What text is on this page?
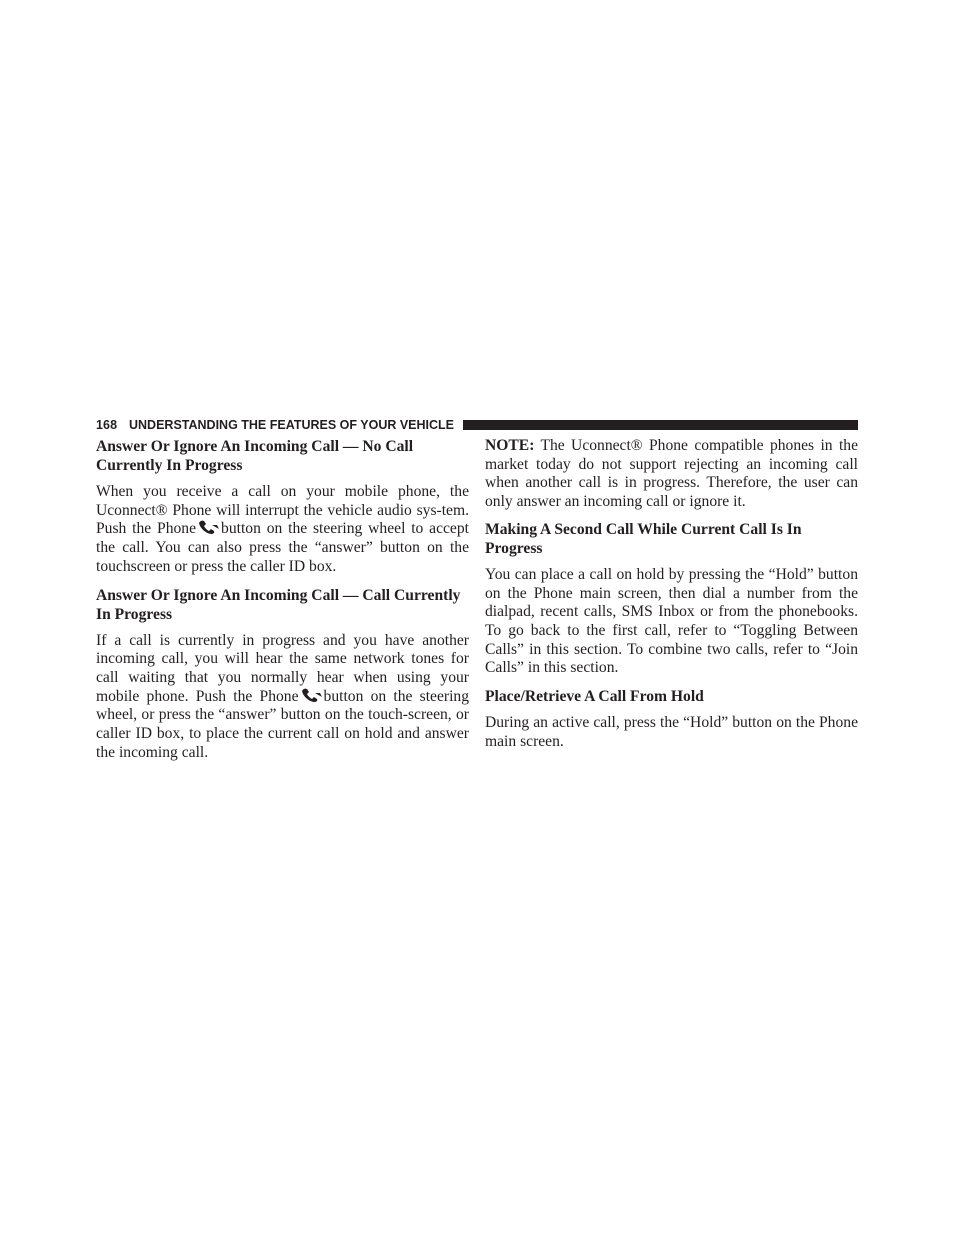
168 UNDERSTANDING THE FEATURES OF YOUR VEHICLE
Answer Or Ignore An Incoming Call — No Call Currently In Progress

When you receive a call on your mobile phone, the Uconnect® Phone will interrupt the vehicle audio sys-tem. Push the Phone button on the steering wheel to accept the call. You can also press the “answer” button on the touchscreen or press the caller ID box.

Answer Or Ignore An Incoming Call — Call Currently In Progress

If a call is currently in progress and you have another incoming call, you will hear the same network tones for call waiting that you normally hear when using your mobile phone. Push the Phone button on the steering wheel, or press the “answer” button on the touch-screen, or caller ID box, to place the current call on hold and answer the incoming call.

NOTE: The Uconnect® Phone compatible phones in the market today do not support rejecting an incoming call when another call is in progress. Therefore, the user can only answer an incoming call or ignore it.

Making A Second Call While Current Call Is In Progress

You can place a call on hold by pressing the “Hold” button on the Phone main screen, then dial a number from the dialpad, recent calls, SMS Inbox or from the phonebooks. To go back to the first call, refer to “Toggling Between Calls” in this section. To combine two calls, refer to “Join Calls” in this section.

Place/Retrieve A Call From Hold

During an active call, press the “Hold” button on the Phone main screen.
